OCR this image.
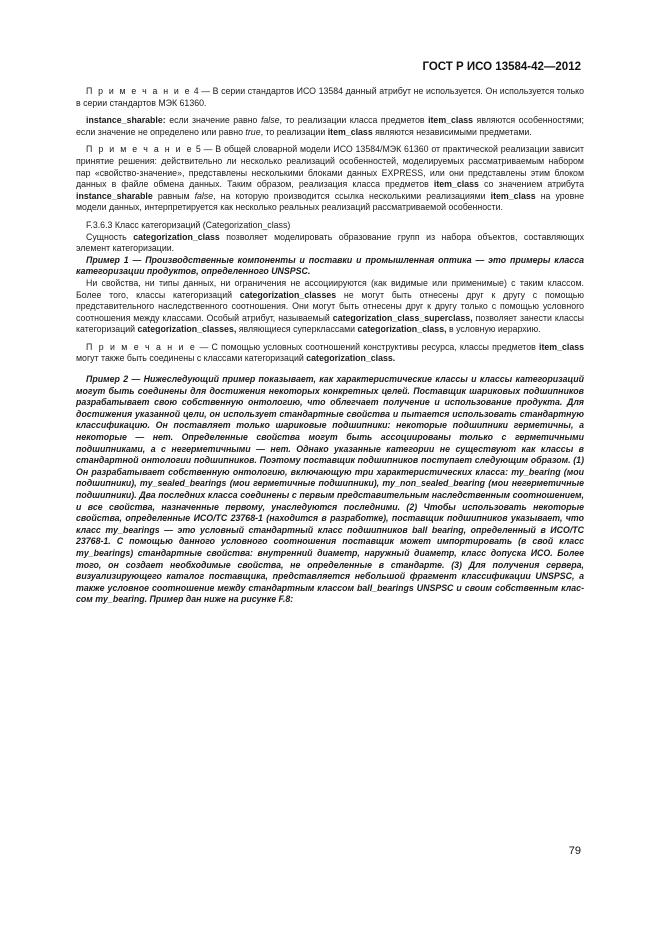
ГОСТ Р ИСО 13584-42—2012

П р и м е ч а н и е 4 — В серии стандартов ИСО 13584 данный атрибут не используется. Он используется только в серии стандартов МЭК 61360.

instance_sharable: если значение равно false, то реализации класса предметов item_class являются особенностями; если значение не определено или равно true, то реализации item_class являются независимыми предметами.

П р и м е ч а н и е 5 — В общей словарной модели ИСО 13584/МЭК 61360 от практической реализации зависит принятие решения: действительно ли несколько реализаций особенностей, моделируемых рассматриваемым набором пар «свойство-значение», представлены несколькими блоками данных EXPRESS, или они представлены этим блоком данных в файле обмена данных. Таким образом, реализация класса предметов item_class со значением атрибута instance_sharable равным false, на которую производится ссылка несколькими реализациями item_class на уровне модели данных, интерпретируется как несколько реальных реализаций рассматриваемой особенности.

F.3.6.3 Класс категоризаций (Categorization_class)

Сущность categorization_class позволяет моделировать образование групп из набора объектов, составляющих элемент категоризации.

Пример 1 — Производственные компоненты и поставки и промышленная оптика — это примеры класса категоризации продуктов, определенного UNSPSC.

Ни свойства, ни типы данных, ни ограничения не ассоциируются (как видимые или применимые) с таким классом. Более того, классы категоризаций categorization_classes не могут быть отнесены друг к другу с помощью представительного наследственного соотношения. Они могут быть отнесены друг к другу только с помощью условного соотношения между классами. Особый атрибут, называемый categorization_class_superclass, позволяет занести классы категоризаций categorization_classes, являющиеся суперклассами categorization_class, в условную иерархию.

П р и м е ч а н и е — С помощью условных соотношений конструктивы ресурса, классы предметов item_class могут также быть соединены с классами категоризаций categorization_class.

Пример 2 — Нижеследующий пример показывает, как характеристические классы и классы категоризаций могут быть соединены для достижения некоторых конкретных целей. Поставщик шариковых подшипников разрабатывает свою собственную онтологию, что облегчает получение и использование продукта. Для достижения указанной цели, он использует стандартные свойства и пытается использовать стандартную классификацию. Он поставляет только шариковые подшипники: некоторые подшипники герметичны, а некоторые — нет. Определенные свойства могут быть ассоциированы только с герметичными подшипниками, а с негерметичными — нет. Однако указанные категории не существуют как классы в стандартной онтологии подшипников. Поэтому поставщик подшипников поступает следующим образом. (1) Он разрабатывает собственную онтологию, включающую три характеристических класса: my_bearing (мои подшипники), my_sealed_bearings (мои герметичные подшипники), my_non_sealed_bearing (мои негерметичные подшипники). Два последних класса соединены с первым представительным наследственным соотношением, и все свойства, назначенные первому, унаследуются последними. (2) Чтобы использовать некоторые свойства, определенные ИСО/ТС 23768-1 (находится в разработке), поставщик подшипников указывает, что класс my_bearings — это условный стандартный класс подшипников ball bearing, определенный в ИСО/ТС 23768-1. С помощью данного условного соотношения поставщик может импортировать (в свой класс my_bearings) стандартные свойства: внутренний диаметр, наружный диаметр, класс допуска ИСО. Более того, он создает необходимые свойства, не определенные в стандарте. (3) Для получения сервера, визуализирующего каталог поставщика, представляется небольшой фрагмент классификации UNSPSC, а также условное соотношение между стандартным классом ball_bearings UNSPSC и своим собственным классом my_bearing. Пример дан ниже на рисунке F.8:

79
